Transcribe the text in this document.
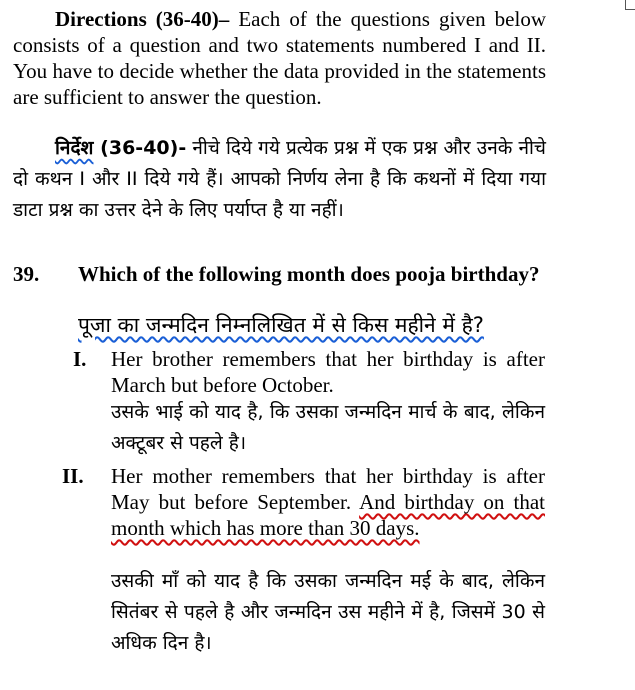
Directions (36-40)– Each of the questions given below consists of a question and two statements numbered I and II. You have to decide whether the data provided in the statements are sufficient to answer the question.

निर्देश (36-40)- नीचे दिये गये प्रत्येक प्रश्न में एक प्रश्न और उनके नीचे दो कथन I और II दिये गये हैं। आपको निर्णय लेना है कि कथनों में दिया गया डाटा प्रश्न का उत्तर देने के लिए पर्याप्त है या नहीं।

39. Which of the following month does pooja birthday?

पूजा का जन्मदिन निम्नलिखित में से किस महीने में है?

I. Her brother remembers that her birthday is after March but before October.

उसके भाई को याद है, कि उसका जन्मदिन मार्च के बाद, लेकिन अक्टूबर से पहले है।

II. Her mother remembers that her birthday is after May but before September. And birthday on that month which has more than 30 days.

उसकी माँ को याद है कि उसका जन्मदिन मई के बाद, लेकिन सितंबर से पहले है और जन्मदिन उस महीने में है, जिसमें 30 से अधिक दिन है।
